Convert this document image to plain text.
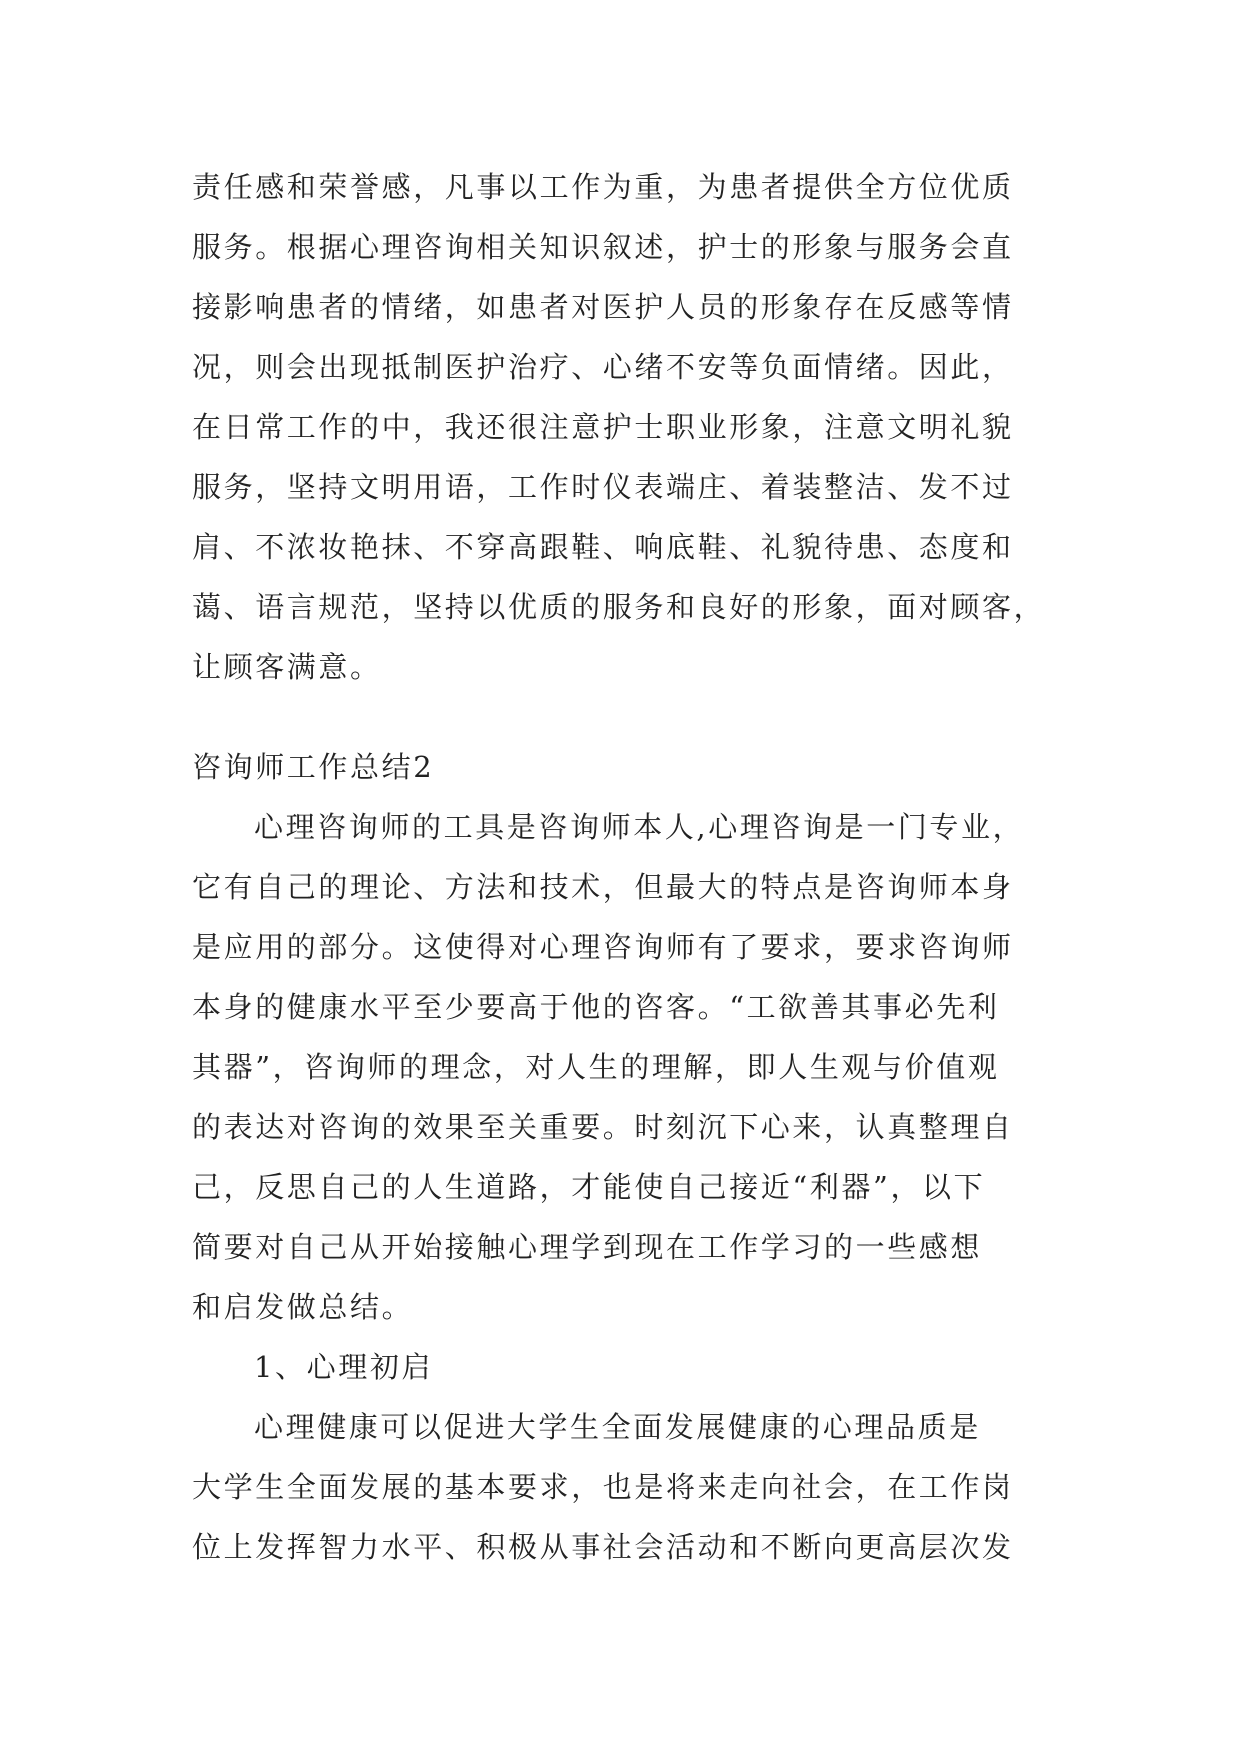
责任感和荣誉感，凡事以工作为重，为患者提供全方位优质
服务。根据心理咨询相关知识叙述，护士的形象与服务会直
接影响患者的情绪，如患者对医护人员的形象存在反感等情
况，则会出现抵制医护治疗、心绪不安等负面情绪。因此，
在日常工作的中，我还很注意护士职业形象，注意文明礼貌
服务，坚持文明用语，工作时仪表端庄、着装整洁、发不过
肩、不浓妆艳抹、不穿高跟鞋、响底鞋、礼貌待患、态度和
蔼、语言规范，坚持以优质的服务和良好的形象，面对顾客，
让顾客满意。
咨询师工作总结2
心理咨询师的工具是咨询师本人,心理咨询是一门专业，
它有自己的理论、方法和技术，但最大的特点是咨询师本身
是应用的部分。这使得对心理咨询师有了要求，要求咨询师
本身的健康水平至少要高于他的咨客。“工欲善其事必先利
其器”，咨询师的理念，对人生的理解，即人生观与价值观
的表达对咨询的效果至关重要。时刻沉下心来，认真整理自
己，反思自己的人生道路，才能使自己接近“利器”，以下
简要对自己从开始接触心理学到现在工作学习的一些感想
和启发做总结。
1、心理初启
心理健康可以促进大学生全面发展健康的心理品质是
大学生全面发展的基本要求，也是将来走向社会，在工作岗
位上发挥智力水平、积极从事社会活动和不断向更高层次发
